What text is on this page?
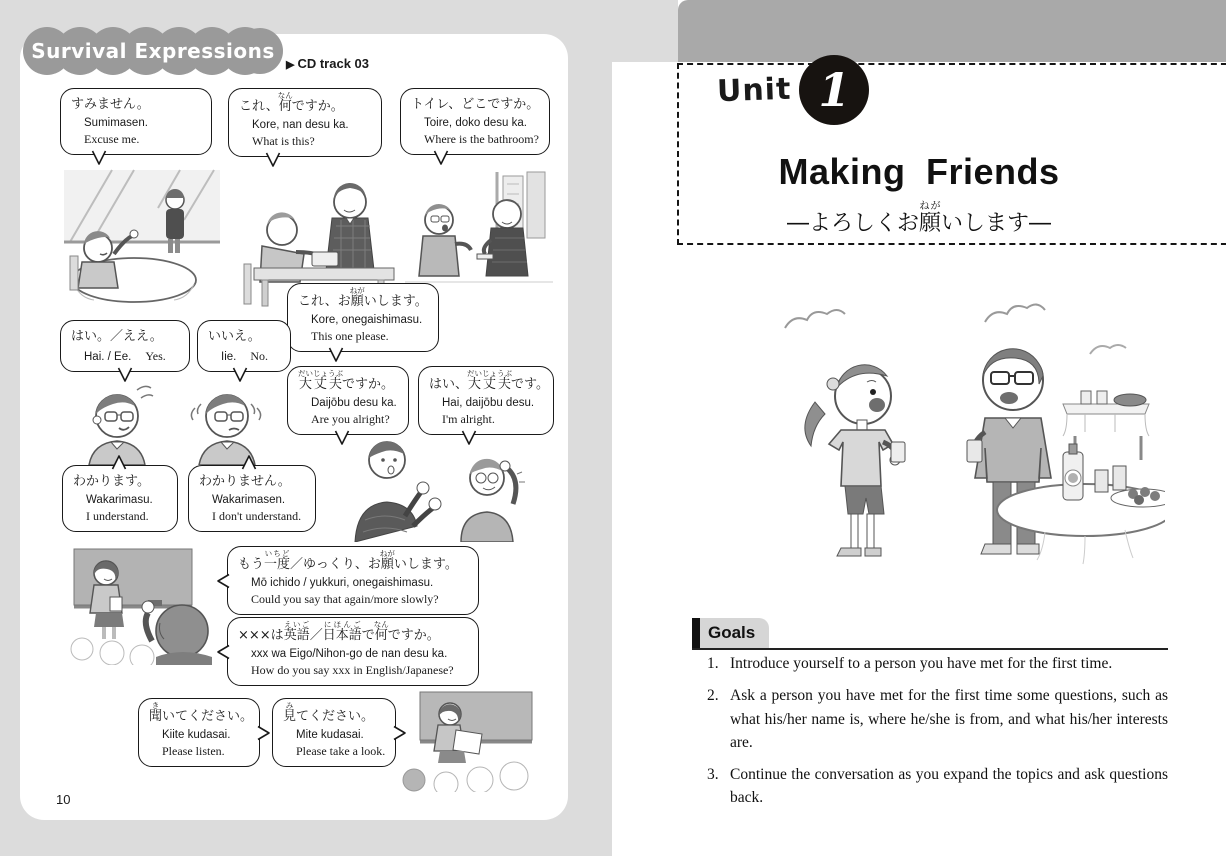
Survival Expressions
▶ CD track 03
すみません。
Sumimasen.
Excuse me.
これ、何なんですか。
Kore, nan desu ka.
What is this?
トイレ、どこですか。
Toire, doko desu ka.
Where is the bathroom?
これ、お願ねがいします。
Kore, onegaishimasu.
This one please.
はい。／ええ。
Hai. / Ee. Yes.
いいえ。
Iie. No.
大丈夫だいじょうぶですか。
Daijōbu desu ka.
Are you alright?
はい、大丈夫だいじょうぶです。
Hai, daijōbu desu.
I'm alright.
わかります。
Wakarimasu.
I understand.
わかりません。
Wakarimasen.
I don't understand.
もう一度いちど／ゆっくり、お願ねがいします。
Mō ichido / yukkuri, onegaishimasu.
Could you say that again/more slowly?
×××は英語えいご／日本語にほんごで何なんですか。
xxx wa Eigo/Nihon-go de nan desu ka.
How do you say xxx in English/Japanese?
聞きいてください。
Kiite kudasai.
Please listen.
見みてください。
Mite kudasai.
Please take a look.
10
Unit 1
Making Friends
―よろしくお願ねがいします―
Goals
Introduce yourself to a person you have met for the first time.
Ask a person you have met for the first time some questions, such as what his/her name is, where he/she is from, and what his/her interests are.
Continue the conversation as you expand the topics and ask questions back.
